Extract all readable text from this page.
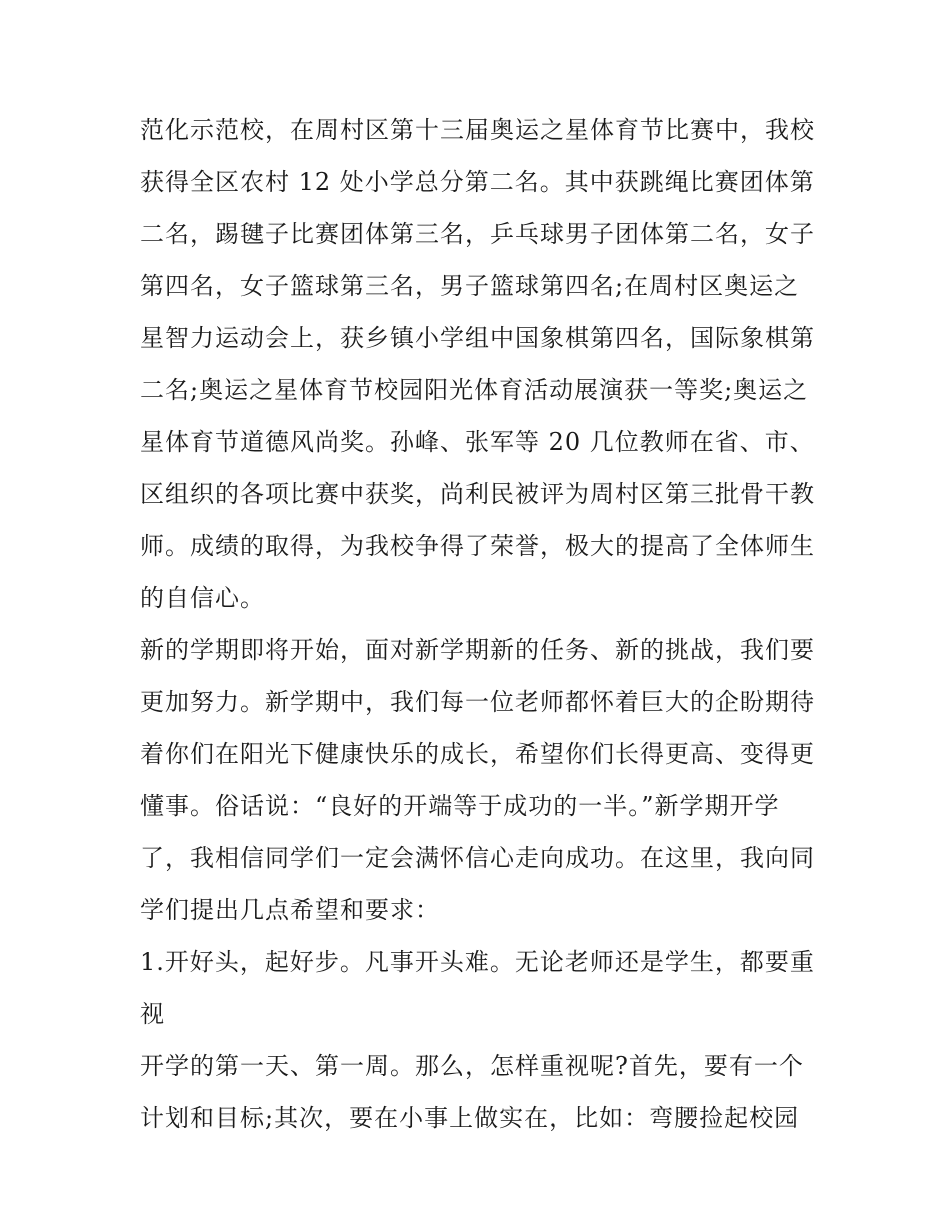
范化示范校，在周村区第十三届奥运之星体育节比赛中，我校
获得全区农村 12 处小学总分第二名。其中获跳绳比赛团体第
二名，踢毽子比赛团体第三名，乒乓球男子团体第二名，女子
第四名，女子篮球第三名，男子篮球第四名;在周村区奥运之
星智力运动会上，获乡镇小学组中国象棋第四名，国际象棋第
二名;奥运之星体育节校园阳光体育活动展演获一等奖;奥运之
星体育节道德风尚奖。孙峰、张军等 20 几位教师在省、市、
区组织的各项比赛中获奖，尚利民被评为周村区第三批骨干教
师。成绩的取得，为我校争得了荣誉，极大的提高了全体师生
的自信心。
新的学期即将开始，面对新学期新的任务、新的挑战，我们要
更加努力。新学期中，我们每一位老师都怀着巨大的企盼期待
着你们在阳光下健康快乐的成长，希望你们长得更高、变得更
懂事。俗话说：“良好的开端等于成功的一半。”新学期开学
了，我相信同学们一定会满怀信心走向成功。在这里，我向同
学们提出几点希望和要求：
1.开好头，起好步。凡事开头难。无论老师还是学生，都要重
视
开学的第一天、第一周。那么，怎样重视呢?首先，要有一个
计划和目标;其次，要在小事上做实在，比如：弯腰捡起校园
